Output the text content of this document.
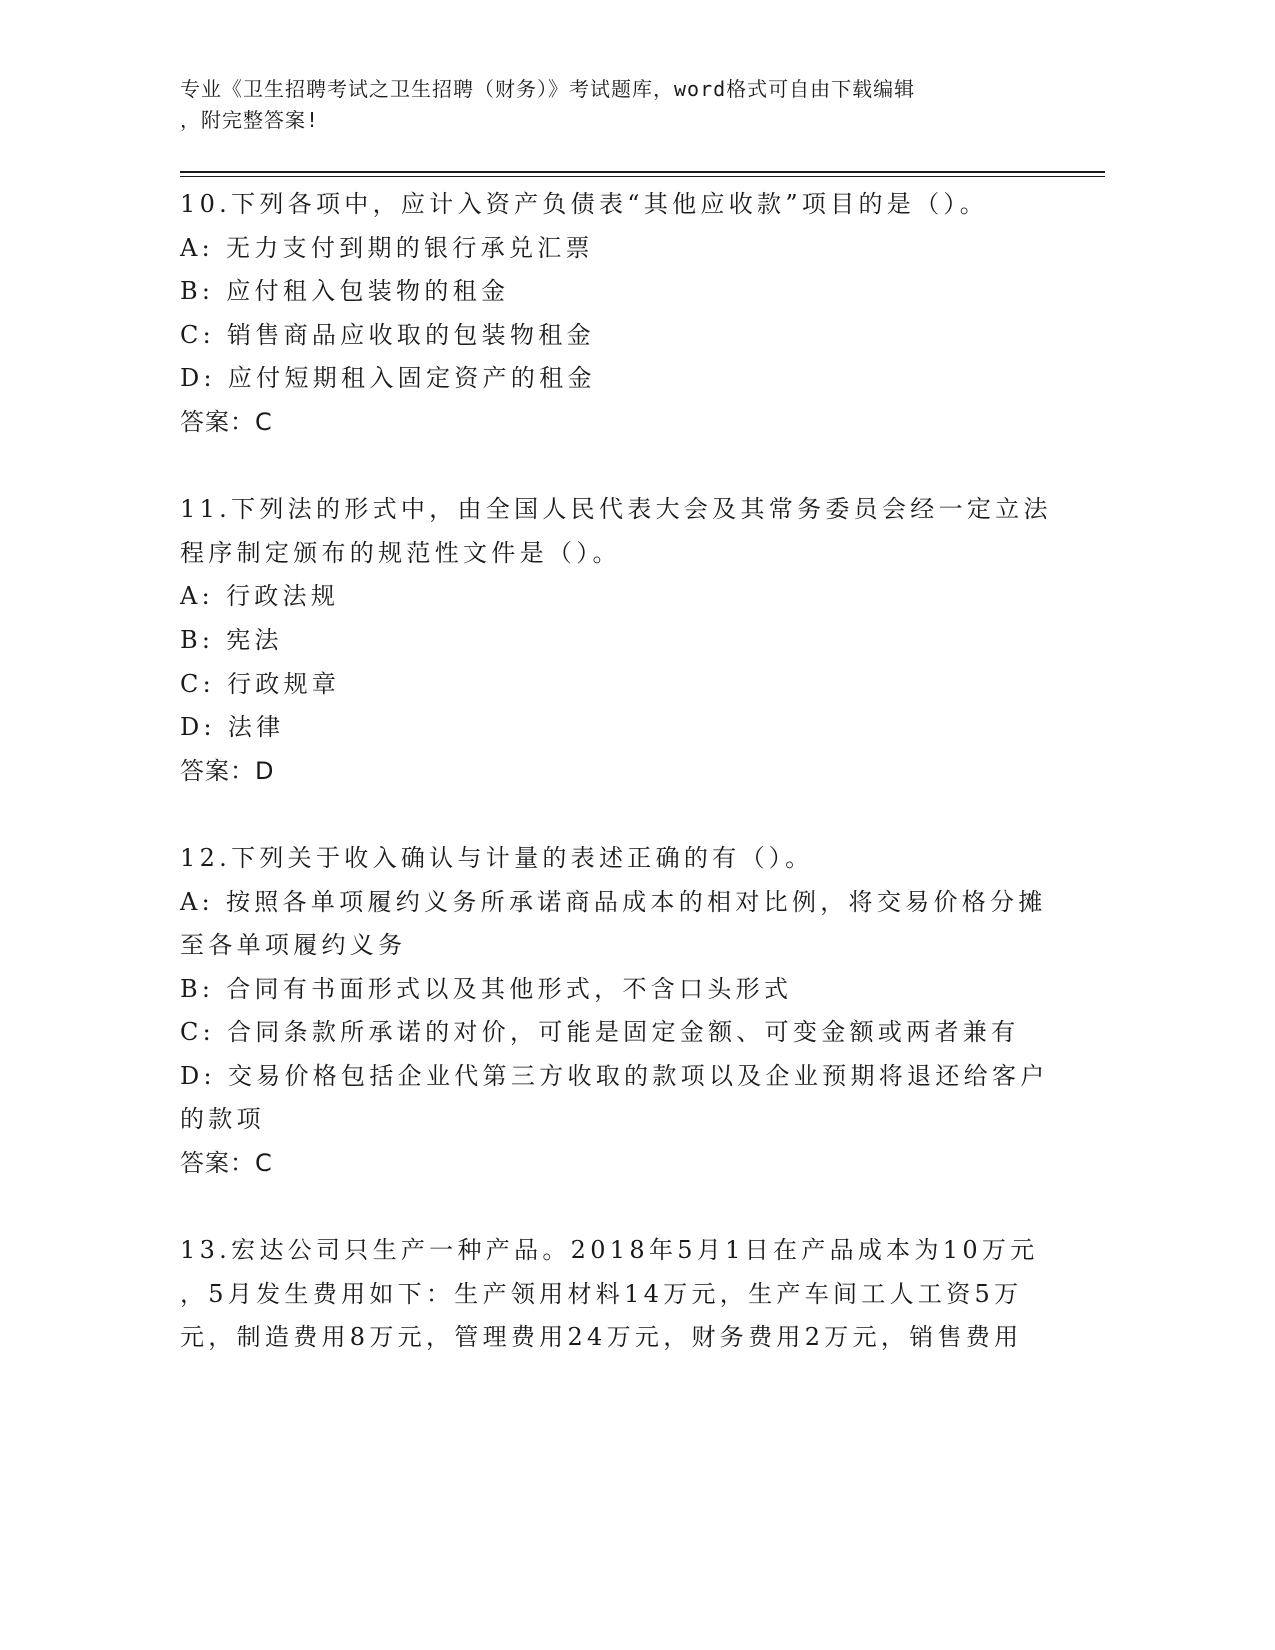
专业《卫生招聘考试之卫生招聘（财务）》考试题库，word格式可自由下载编辑
，附完整答案!
10.下列各项中，应计入资产负债表“其他应收款”项目的是（）。
A: 无力支付到期的银行承兑汇票
B: 应付租入包装物的租金
C: 销售商品应收取的包装物租金
D: 应付短期租入固定资产的租金
答案：C
11.下列法的形式中，由全国人民代表大会及其常务委员会经一定立法
程序制定颁布的规范性文件是（）。
A: 行政法规
B: 宪法
C: 行政规章
D: 法律
答案：D
12.下列关于收入确认与计量的表述正确的有（）。
A: 按照各单项履约义务所承诺商品成本的相对比例，将交易价格分摊
至各单项履约义务
B: 合同有书面形式以及其他形式，不含口头形式
C: 合同条款所承诺的对价，可能是固定金额、可变金额或两者兼有
D: 交易价格包括企业代第三方收取的款项以及企业预期将退还给客户
的款项
答案：C
13.宏达公司只生产一种产品。2018年5月1日在产品成本为10万元
，5月发生费用如下：生产领用材料14万元，生产车间工人工资5万
元，制造费用8万元，管理费用24万元，财务费用2万元，销售费用
